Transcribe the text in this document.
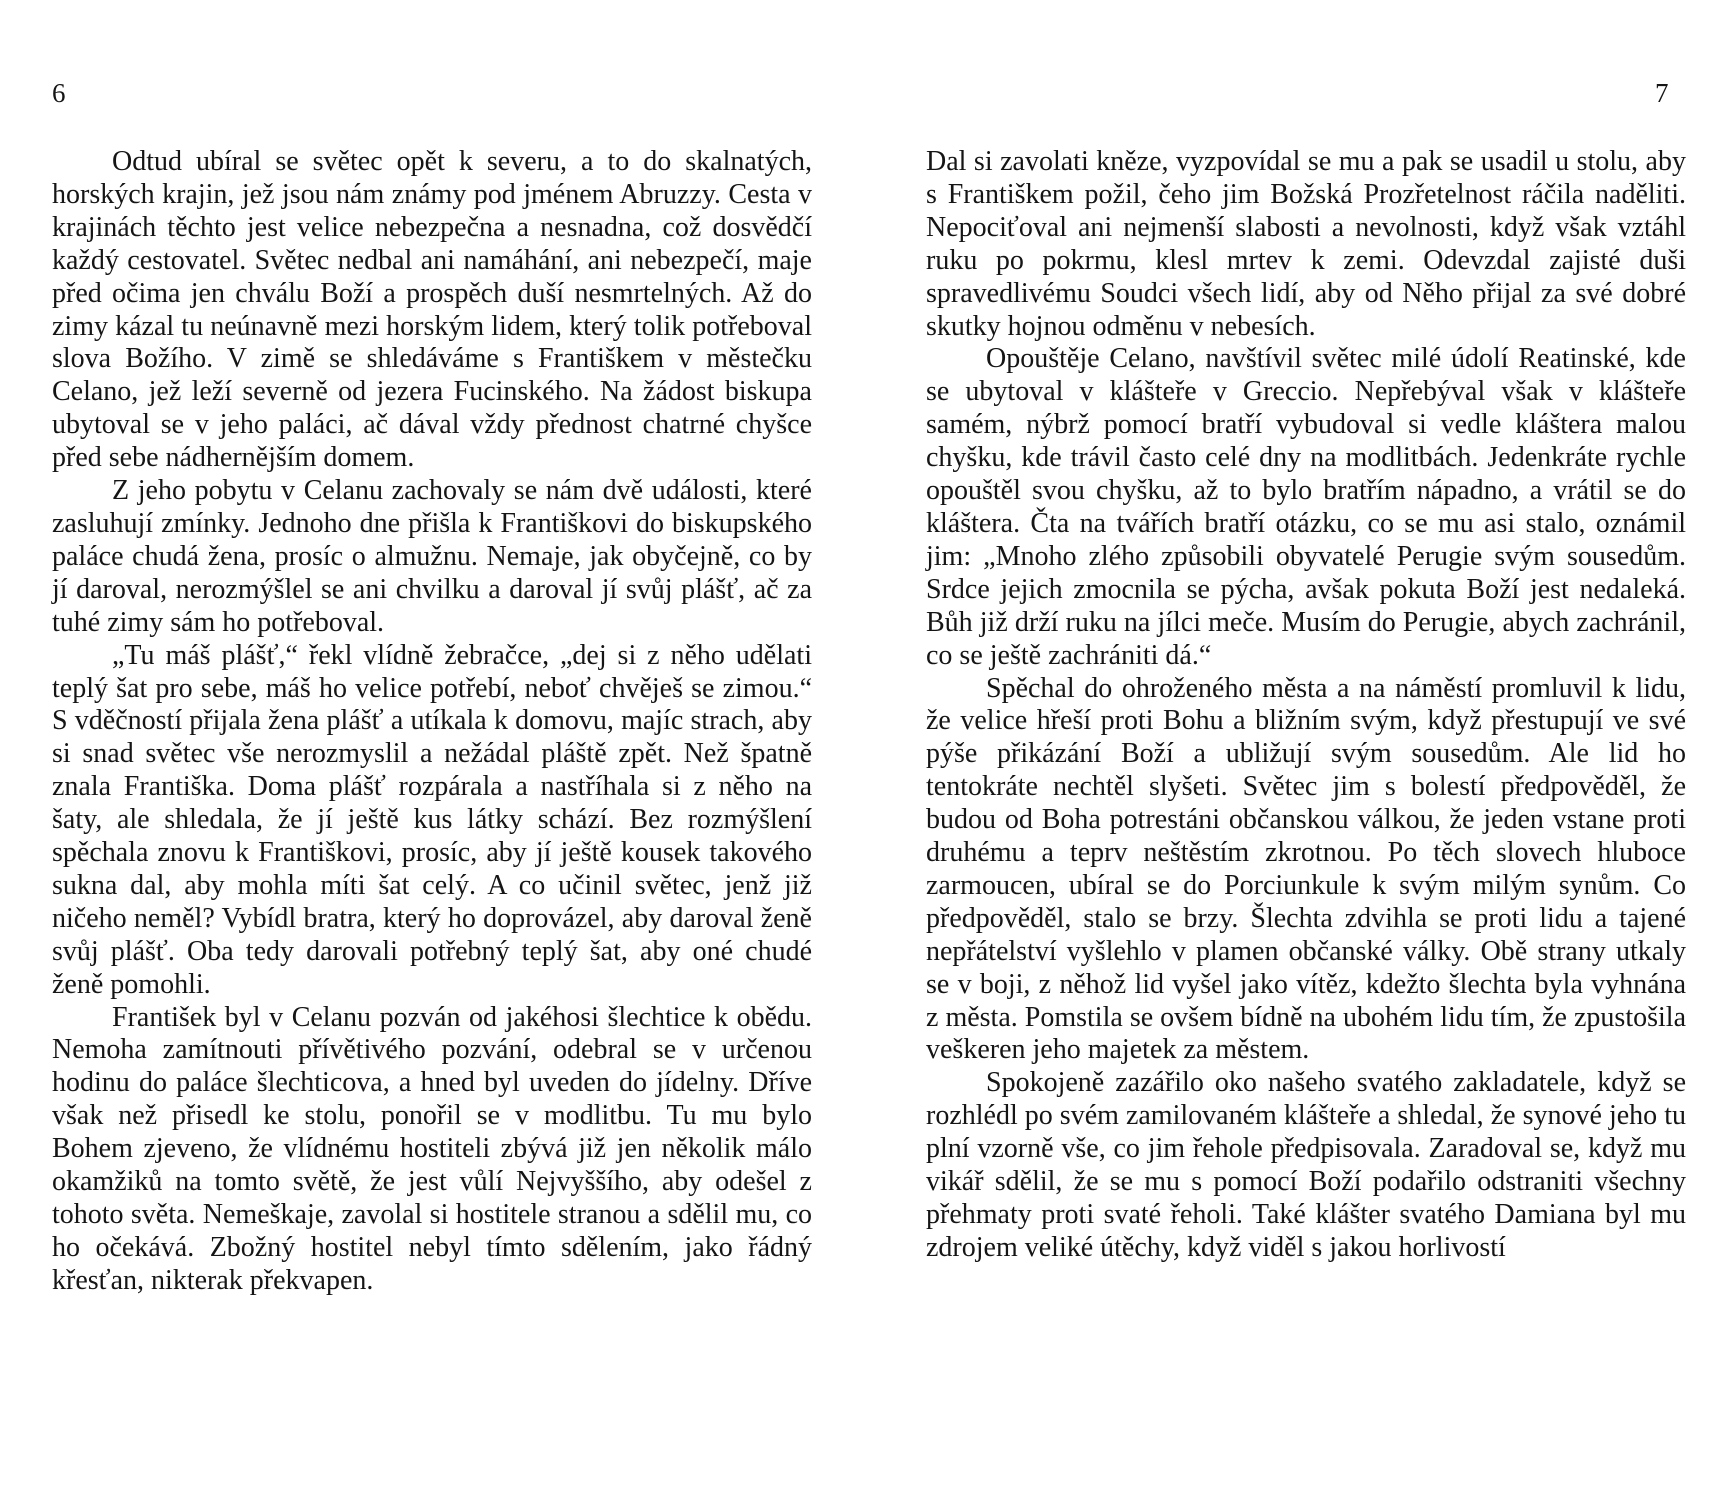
6	7

Odtud ubíral se světec opět k severu, a to do skalnatých, horských krajin, jež jsou nám známy pod jménem Abruzzy. Cesta v krajinách těchto jest velice nebezpečna a nesnadna, což dosvědčí každý cestovatel. Světec nedbal ani namáhání, ani nebezpečí, maje před očima jen chválu Boží a prospěch duší nesmrtelných. Až do zimy kázal tu neúnavně mezi horským lidem, který tolik potřeboval slova Božího. V zimě se shledáváme s Františkem v městečku Celano, jež leží severně od jezera Fucinského. Na žádost biskupa ubytoval se v jeho paláci, ač dával vždy přednost chatrné chyšce před sebe nádhernějším domem.

Z jeho pobytu v Celanu zachovaly se nám dvě události, které zasluhují zmínky. Jednoho dne přišla k Františkovi do biskupského paláce chudá žena, prosíc o almužnu. Nemaje, jak obyčejně, co by jí daroval, nerozmýšlel se ani chvilku a daroval jí svůj plášť, ač za tuhé zimy sám ho potřeboval.

„Tu máš plášť,“ řekl vlídně žebračce, „dej si z něho udělati teplý šat pro sebe, máš ho velice potřebí, neboť chvěješ se zimou.“ S vděčností přijala žena plášť a utíkala k domovu, majíc strach, aby si snad světec vše nerozmyslil a nežádal pláště zpět. Než špatně znala Františka. Doma plášť rozpárala a nastříhala si z něho na šaty, ale shledala, že jí ještě kus látky schází. Bez rozmýšlení spěchala znovu k Františkovi, prosíc, aby jí ještě kousek takového sukna dal, aby mohla míti šat celý. A co učinil světec, jenž již ničeho neměl? Vybídl bratra, který ho doprovázel, aby daroval ženě svůj plášť. Oba tedy darovali potřebný teplý šat, aby oné chudé ženě pomohli.

František byl v Celanu pozván od jakéhosi šlechtice k obědu. Nemoha zamítnouti přívětivého pozvání, odebral se v určenou hodinu do paláce šlechticova, a hned byl uveden do jídelny. Dříve však než přisedl ke stolu, ponořil se v modlitbu. Tu mu bylo Bohem zjeveno, že vlídnému hostiteli zbývá již jen několik málo okamžiků na tomto světě, že jest vůlí Nejvyššího, aby odešel z tohoto světa. Nemeškaje, zavolal si hostitele stranou a sdělil mu, co ho očekává. Zbožný hostitel nebyl tímto sdělením, jako řádný křesťan, nikterak překvapen.

Dal si zavolati kněze, vyzpovídal se mu a pak se usadil u stolu, aby s Františkem požil, čeho jim Božská Prozřetelnost ráčila naděliti. Nepociťoval ani nejmenší slabosti a nevolnosti, když však vztáhl ruku po pokrmu, klesl mrtev k zemi. Odevzdal zajisté duši spravedlivému Soudci všech lidí, aby od Něho přijal za své dobré skutky hojnou odměnu v nebesích.

Opouštěje Celano, navštívil světec milé údolí Reatinské, kde se ubytoval v klášteře v Greccio. Nepřebýval však v klášteře samém, nýbrž pomocí bratří vybudoval si vedle kláštera malou chyšku, kde trávil často celé dny na modlitbách. Jedenkráte rychle opouštěl svou chyšku, až to bylo bratřím nápadno, a vrátil se do kláštera. Čta na tvářích bratří otázku, co se mu asi stalo, oznámil jim: „Mnoho zlého způsobili obyvatelé Perugie svým sousedům. Srdce jejich zmocnila se pýcha, avšak pokuta Boží jest nedaleká. Bůh již drží ruku na jílci meče. Musím do Perugie, abych zachránil, co se ještě zachrániti dá.“

Spěchal do ohroženého města a na náměstí promluvil k lidu, že velice hřeší proti Bohu a bližním svým, když přestupují ve své pýše přikázání Boží a ubližují svým sousedům. Ale lid ho tentokráte nechtěl slyšeti. Světec jim s bolestí předpověděl, že budou od Boha potrestáni občanskou válkou, že jeden vstane proti druhému a teprv neštěstím zkrotnou. Po těch slovech hluboce zarmoucen, ubíral se do Porciunkule k svým milým synům. Co předpověděl, stalo se brzy. Šlechta zdvihla se proti lidu a tajené nepřátelství vyšlehlo v plamen občanské války. Obě strany utkaly se v boji, z něhož lid vyšel jako vítěz, kdežto šlechta byla vyhnána z města. Pomstila se ovšem bídně na ubohém lidu tím, že zpustošila veškeren jeho majetek za městem.

Spokojeně zazářilo oko našeho svatého zakladatele, když se rozhlédl po svém zamilovaném klášteře a shledal, že synové jeho tu plní vzorně vše, co jim řehole předpisovala. Zaradoval se, když mu vikář sdělil, že se mu s pomocí Boží podařilo odstraniti všechny přehmaty proti svaté řeholi. Také klášter svatého Damiana byl mu zdrojem veliké útěchy, když viděl s jakou horlivostí
